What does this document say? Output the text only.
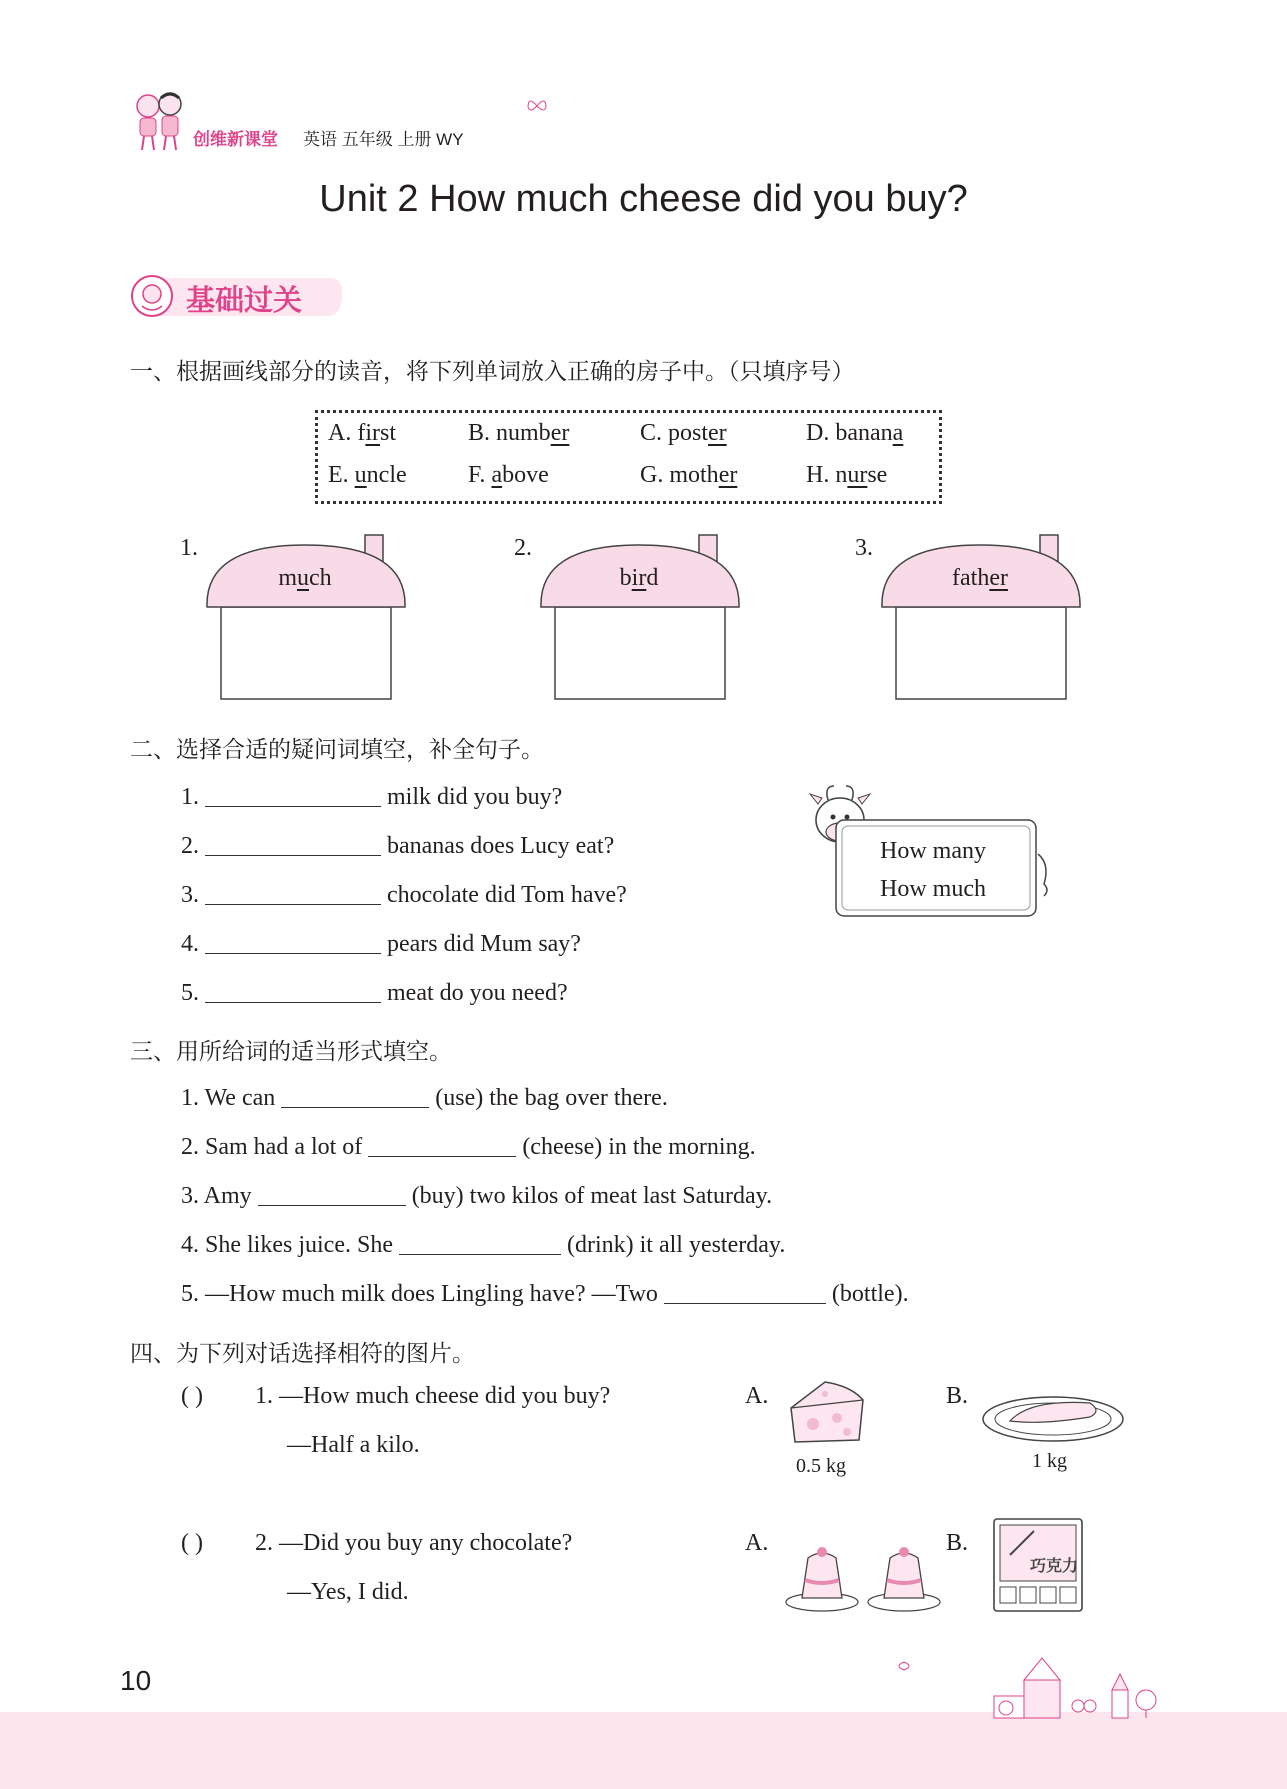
创维新课堂 英语 五年级 上册 WY
Unit 2 How much cheese did you buy?
基础过关
一、根据画线部分的读音，将下列单词放入正确的房子中。（只填序号）
A. first	B. number	C. poster	D. banana
E. uncle	F. above	G. mother	H. nurse
1.
much
2.
bird
3.
father
二、选择合适的疑问词填空，补全句子。
1.	milk did you buy?
2.	bananas does Lucy eat?
3.	chocolate did Tom have?
4.	pears did Mum say?
5.	meat do you need?
How many
How much
三、用所给词的适当形式填空。
1. We can	(use) the bag over there.
2. Sam had a lot of	(cheese) in the morning.
3. Amy	(buy) two kilos of meat last Saturday.
4. She likes juice. She	(drink) it all yesterday.
5. —How much milk does Lingling have? —Two	(bottle).
四、为下列对话选择相符的图片。
( ) 1. —How much cheese did you buy?
—Half a kilo.
A.
0.5 kg
B.
1 kg
( ) 2. —Did you buy any chocolate?
—Yes, I did.
A.	B.
巧克力
10
